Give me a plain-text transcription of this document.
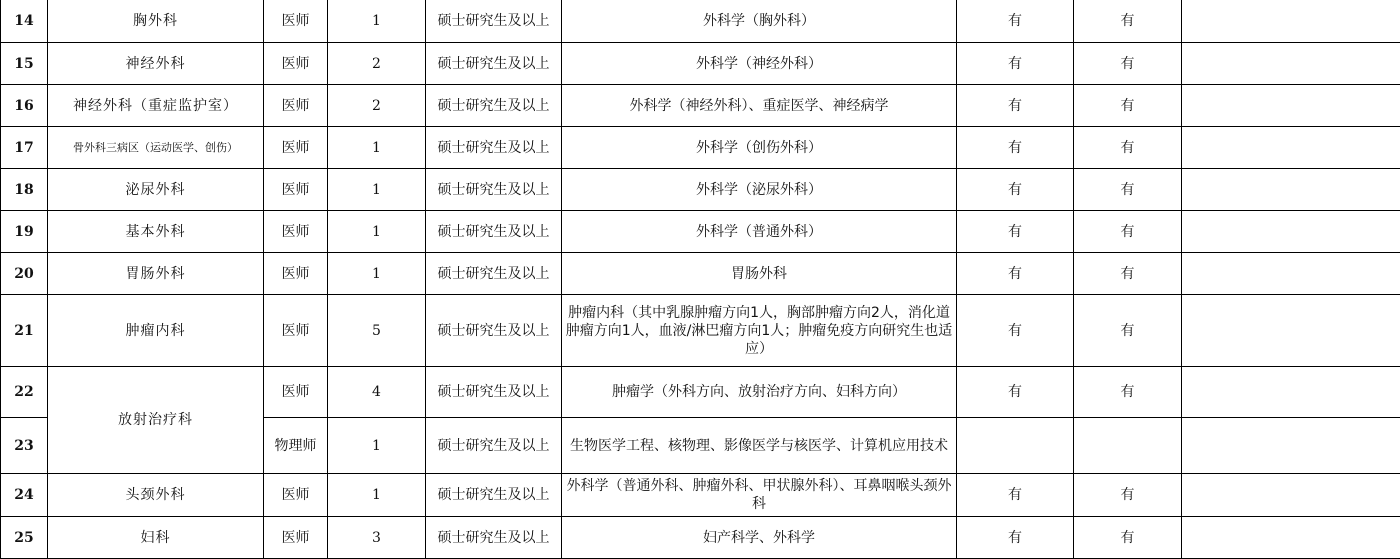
14	胸外科	医师	1	硕士研究生及以上	外科学（胸外科）	有	有	
15	神经外科	医师	2	硕士研究生及以上	外科学（神经外科）	有	有	
16	神经外科（重症监护室）	医师	2	硕士研究生及以上	外科学（神经外科）、重症医学、神经病学	有	有	
17	骨外科三病区（运动医学、创伤）	医师	1	硕士研究生及以上	外科学（创伤外科）	有	有	
18	泌尿外科	医师	1	硕士研究生及以上	外科学（泌尿外科）	有	有	
19	基本外科	医师	1	硕士研究生及以上	外科学（普通外科）	有	有	
20	胃肠外科	医师	1	硕士研究生及以上	胃肠外科	有	有	
21	肿瘤内科	医师	5	硕士研究生及以上	肿瘤内科（其中乳腺肿瘤方向1人，胸部肿瘤方向2人，消化道肿瘤方向1人，血液/淋巴瘤方向1人；肿瘤免疫方向研究生也适应）	有	有	
22	放射治疗科	医师	4	硕士研究生及以上	肿瘤学（外科方向、放射治疗方向、妇科方向）	有	有	
23		物理师	1	硕士研究生及以上	生物医学工程、核物理、影像医学与核医学、计算机应用技术			
24	头颈外科	医师	1	硕士研究生及以上	外科学（普通外科、肿瘤外科、甲状腺外科）、耳鼻咽喉头颈外科	有	有	
25	妇科	医师	3	硕士研究生及以上	妇产科学、外科学	有	有	
